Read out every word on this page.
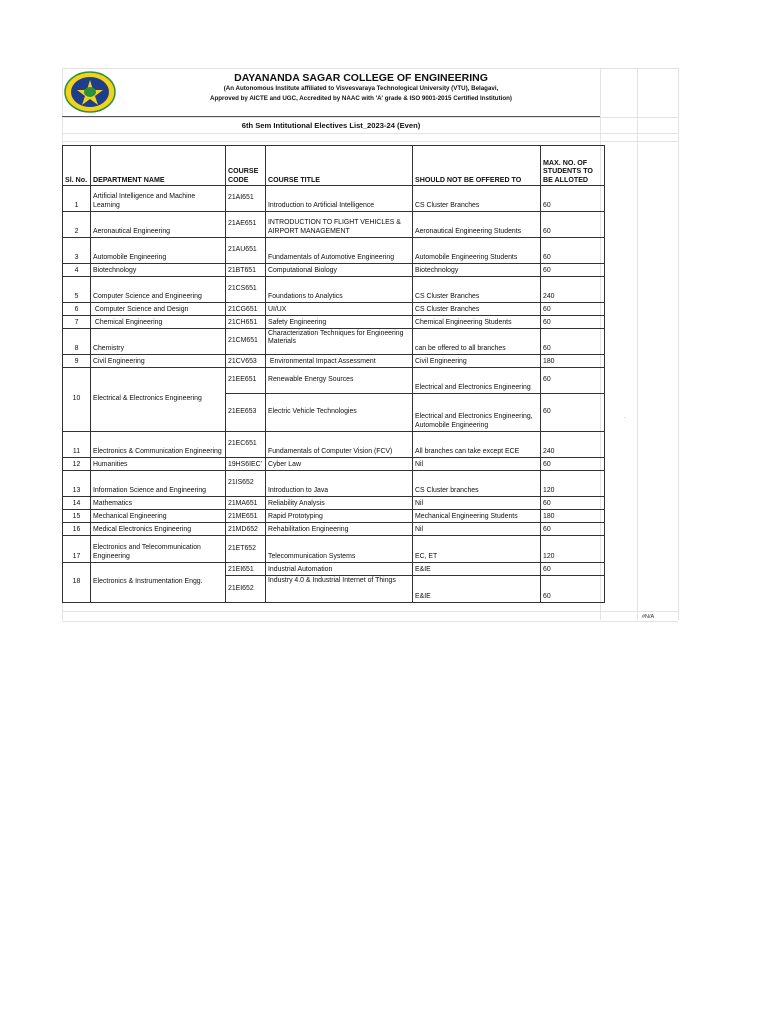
DAYANANDA SAGAR COLLEGE OF ENGINEERING
(An Autonomous Institute affiliated to Visvesvaraya Technological University (VTU), Belagavi,
Approved by AICTE and UGC, Accredited by NAAC with 'A' grade & ISO 9001-2015 Certified Institution)
6th Sem Intitutional Electives List_2023-24 (Even)
Sl. No.	DEPARTMENT NAME	COURSE CODE	COURSE TITLE	SHOULD NOT BE OFFERED TO	MAX. NO. OF STUDENTS TO BE ALLOTED
1	Artificial Intelligence and Machine Learning	21AI651	Introduction to Artificial Intelligence	CS Cluster Branches	60
2	Aeronautical Engineering	21AE651	INTRODUCTION TO FLIGHT VEHICLES & AIRPORT MANAGEMENT	Aeronautical Engineering Students	60
3	Automobile Engineering	21AU651	Fundamentals of Automotive Engineering	Automobile Engineering Students	60
4	Biotechnology	21BT651	Computational Biology	Biotechnology	60
5	Computer Science and Engineering	21CS651	Foundations to Analytics	CS Cluster Branches	240
6	Computer Science and Design	21CG651	UI/UX	CS Cluster Branches	60
7	Chemical Engineering	21CH651	Safety Engineering	Chemical Engineering Students	60
8	Chemistry	21CM651	Characterization Techniques for Engineering Materials	can be offered to all branches	60
9	Civil Engineering	21CV653	Environmental Impact Assessment	Civil Engineering	180
10	Electrical & Electronics Engineering	21EE651	Renewable Energy Sources	Electrical and Electronics Engineering	60
		21EE653	Electric Vehicle Technologies	Electrical and Electronics Engineering, Automobile Engineering	60
11	Electronics & Communication Engineering	21EC651	Fundamentals of Computer Vision (FCV)	All branches can take except ECE	240
12	Humanities	19HS6IEC’	Cyber Law	Nil	60
13	Information Science and Engineering	21IS652	Introduction to Java	CS Cluster branches	120
14	Mathematics	21MA651	Reliability Analysis	Nil	60
15	Mechanical Engineering	21ME651	Rapid Prototyping	Mechanical Engineering Students	180
16	Medical Electronics Engineering	21MD652	Rehabilitation Engineering	Nil	60
17	Electronics and Telecommunication Engineering	21ET652	Telecommunication Systems	EC, ET	120
18	Electronics & Instrumentation Engg.	21EI651	Industrial Automation	E&IE	60
		21EI652	Industry 4.0 & Industrial Internet of Things	E&IE	60
·
#N/A
